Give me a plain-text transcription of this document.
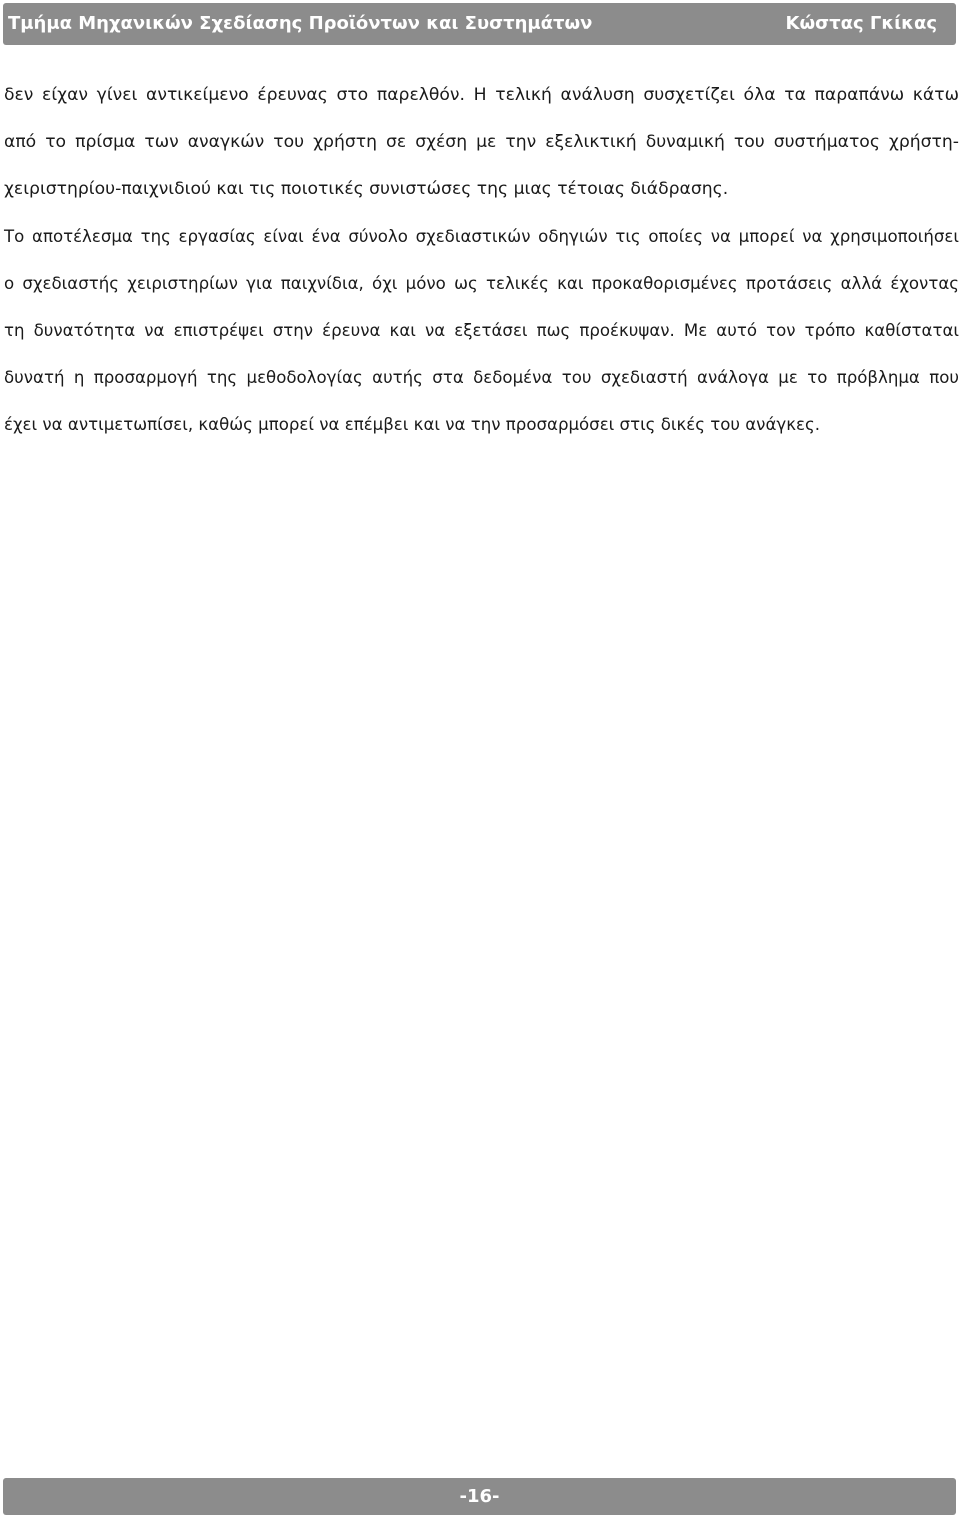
Τμήμα Μηχανικών Σχεδίασης Προϊόντων και Συστημάτων	Κώστας Γκίκας
δεν είχαν γίνει αντικείμενο έρευνας στο παρελθόν. Η τελική ανάλυση συσχετίζει όλα τα παραπάνω κάτω
από το πρίσμα των αναγκών του χρήστη σε σχέση με την εξελικτική δυναμική του συστήματος χρήστη-
χειριστηρίου-παιχνιδιού και τις ποιοτικές συνιστώσες της μιας τέτοιας διάδρασης.
Το αποτέλεσμα της εργασίας είναι ένα σύνολο σχεδιαστικών οδηγιών τις οποίες να μπορεί να χρησιμοποιήσει
ο σχεδιαστής χειριστηρίων για παιχνίδια, όχι μόνο ως τελικές και προκαθορισμένες προτάσεις αλλά έχοντας
τη δυνατότητα να επιστρέψει στην έρευνα και να εξετάσει πως προέκυψαν. Με αυτό τον τρόπο καθίσταται
δυνατή η προσαρμογή της μεθοδολογίας αυτής στα δεδομένα του σχεδιαστή ανάλογα με το πρόβλημα που
έχει να αντιμετωπίσει, καθώς μπορεί να επέμβει και να την προσαρμόσει στις δικές του ανάγκες.
-16-
